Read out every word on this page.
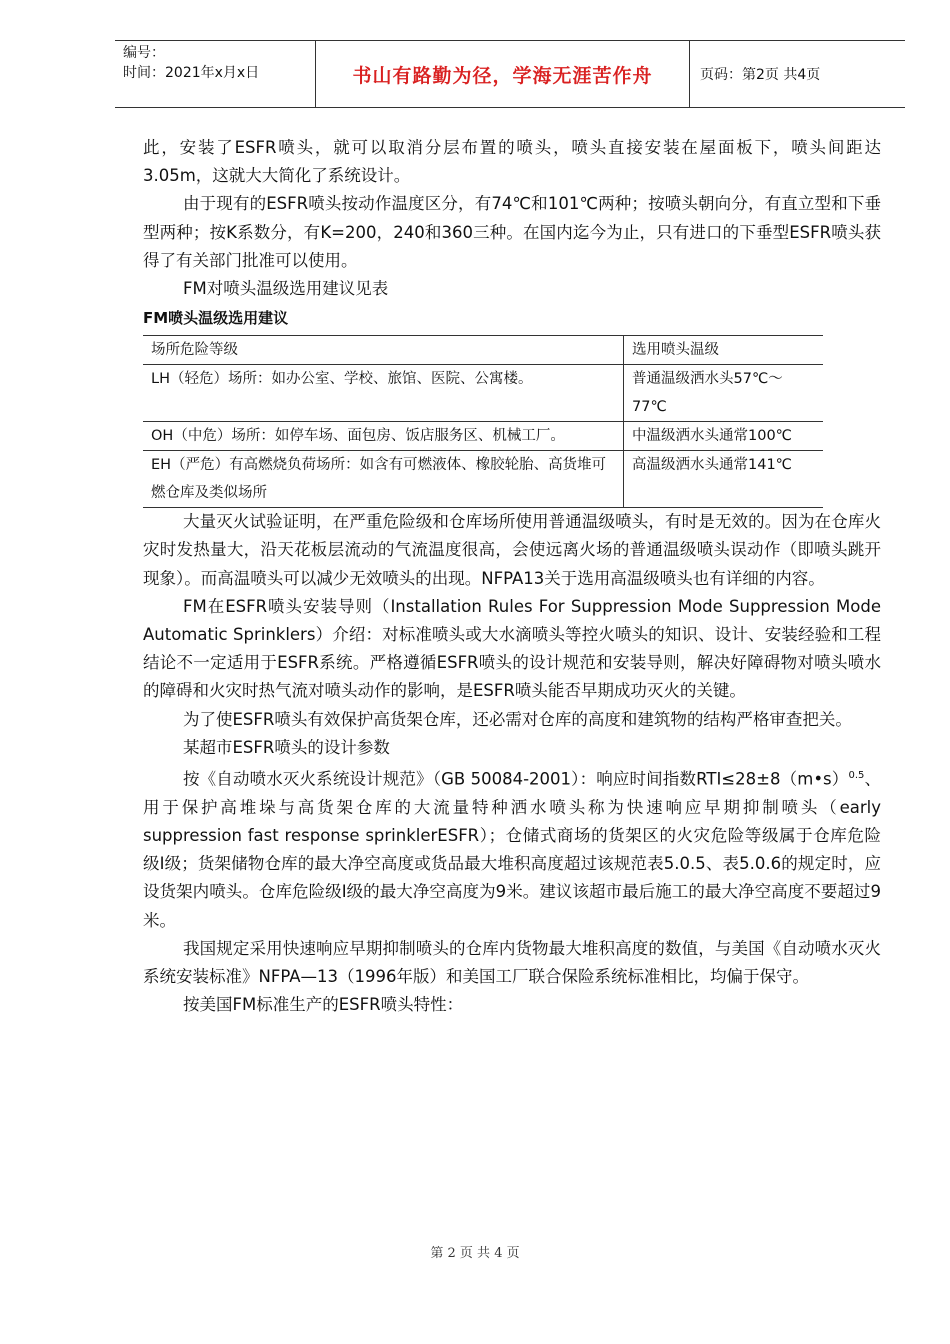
编号：
时间：2021年x月x日	书山有路勤为径，学海无涯苦作舟	页码：第2页 共4页

此，安装了ESFR喷头，就可以取消分层布置的喷头，喷头直接安装在屋面板下，喷头间距达3.05m，这就大大简化了系统设计。

由于现有的ESFR喷头按动作温度区分，有74℃和101℃两种；按喷头朝向分，有直立型和下垂型两种；按K系数分，有K=200，240和360三种。在国内迄今为止，只有进口的下垂型ESFR喷头获得了有关部门批准可以使用。

FM对喷头温级选用建议见表

FM喷头温级选用建议

场所危险等级	选用喷头温级
LH（轻危）场所：如办公室、学校、旅馆、医院、公寓楼。	普通温级洒水头57℃～77℃
OH（中危）场所：如停车场、面包房、饭店服务区、机械工厂。	中温级洒水头通常100℃
EH（严危）有高燃烧负荷场所：如含有可燃液体、橡胶轮胎、高货堆可燃仓库及类似场所	高温级洒水头通常141℃

大量灭火试验证明，在严重危险级和仓库场所使用普通温级喷头，有时是无效的。因为在仓库火灾时发热量大，沿天花板层流动的气流温度很高，会使远离火场的普通温级喷头误动作（即喷头跳开现象）。而高温喷头可以减少无效喷头的出现。NFPA13关于选用高温级喷头也有详细的内容。

FM在ESFR喷头安装导则（Installation Rules For Suppression Mode Suppression Mode Automatic Sprinklers）介绍：对标准喷头或大水滴喷头等控火喷头的知识、设计、安装经验和工程结论不一定适用于ESFR系统。严格遵循ESFR喷头的设计规范和安装导则，解决好障碍物对喷头喷水的障碍和火灾时热气流对喷头动作的影响，是ESFR喷头能否早期成功灭火的关键。

为了使ESFR喷头有效保护高货架仓库，还必需对仓库的高度和建筑物的结构严格审查把关。

某超市ESFR喷头的设计参数

按《自动喷水灭火系统设计规范》（GB 50084-2001）：响应时间指数RTI≤28±8（m•s）$^{0.5}$、用于保护高堆垛与高货架仓库的大流量特种洒水喷头称为快速响应早期抑制喷头（early suppression fast response sprinklerESFR）；仓储式商场的货架区的火灾危险等级属于仓库危险级Ⅰ级；货架储物仓库的最大净空高度或货品最大堆积高度超过该规范表5.0.5、表5.0.6的规定时，应设货架内喷头。仓库危险级Ⅰ级的最大净空高度为9米。建议该超市最后施工的最大净空高度不要超过9米。

我国规定采用快速响应早期抑制喷头的仓库内货物最大堆积高度的数值，与美国《自动喷水灭火系统安装标准》NFPA—13（1996年版）和美国工厂联合保险系统标准相比，均偏于保守。

按美国FM标准生产的ESFR喷头特性：

第 2 页 共 4 页
